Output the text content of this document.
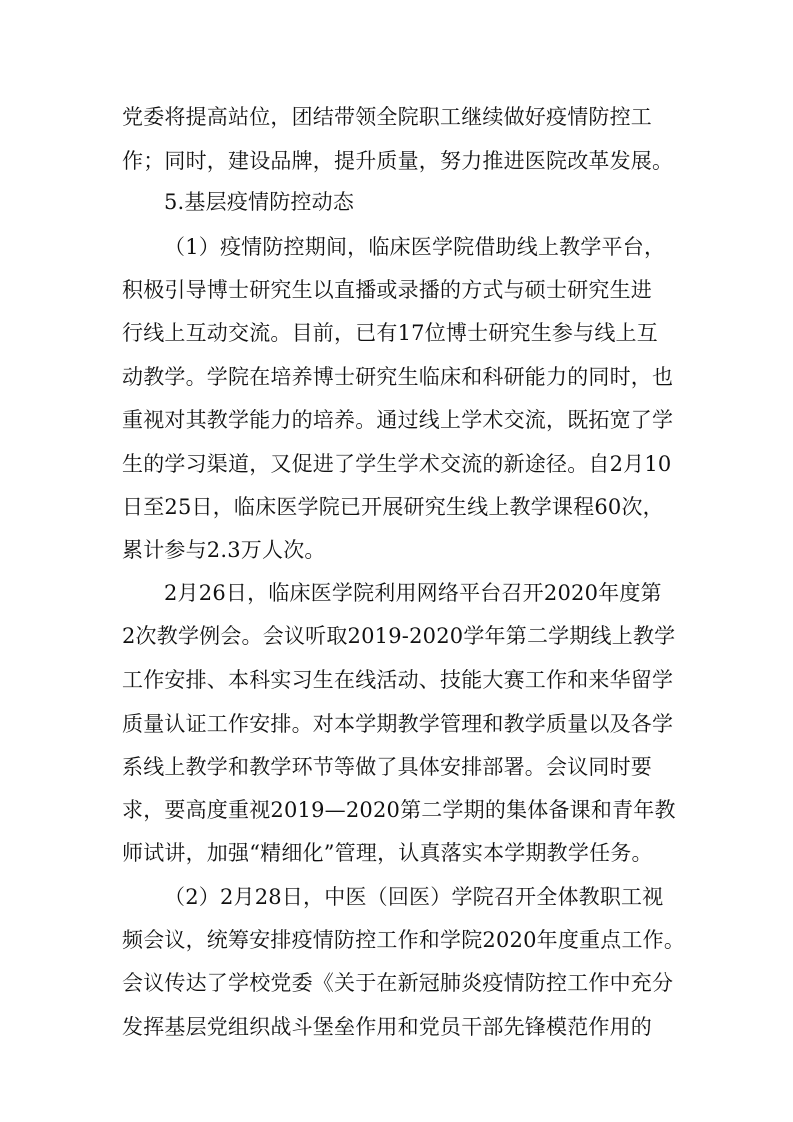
党委将提高站位，团结带领全院职工继续做好疫情防控工
作；同时，建设品牌，提升质量，努力推进医院改革发展。
5.基层疫情防控动态
（1）疫情防控期间，临床医学院借助线上教学平台，
积极引导博士研究生以直播或录播的方式与硕士研究生进
行线上互动交流。目前，已有17位博士研究生参与线上互
动教学。学院在培养博士研究生临床和科研能力的同时，也
重视对其教学能力的培养。通过线上学术交流，既拓宽了学
生的学习渠道，又促进了学生学术交流的新途径。自2月10
日至25日，临床医学院已开展研究生线上教学课程60次，
累计参与2.3万人次。
2月26日，临床医学院利用网络平台召开2020年度第
2次教学例会。会议听取2019-2020学年第二学期线上教学
工作安排、本科实习生在线活动、技能大赛工作和来华留学
质量认证工作安排。对本学期教学管理和教学质量以及各学
系线上教学和教学环节等做了具体安排部署。会议同时要
求，要高度重视2019—2020第二学期的集体备课和青年教
师试讲，加强“精细化”管理，认真落实本学期教学任务。
（2）2月28日，中医（回医）学院召开全体教职工视
频会议，统筹安排疫情防控工作和学院2020年度重点工作。
会议传达了学校党委《关于在新冠肺炎疫情防控工作中充分
发挥基层党组织战斗堡垒作用和党员干部先锋模范作用的
